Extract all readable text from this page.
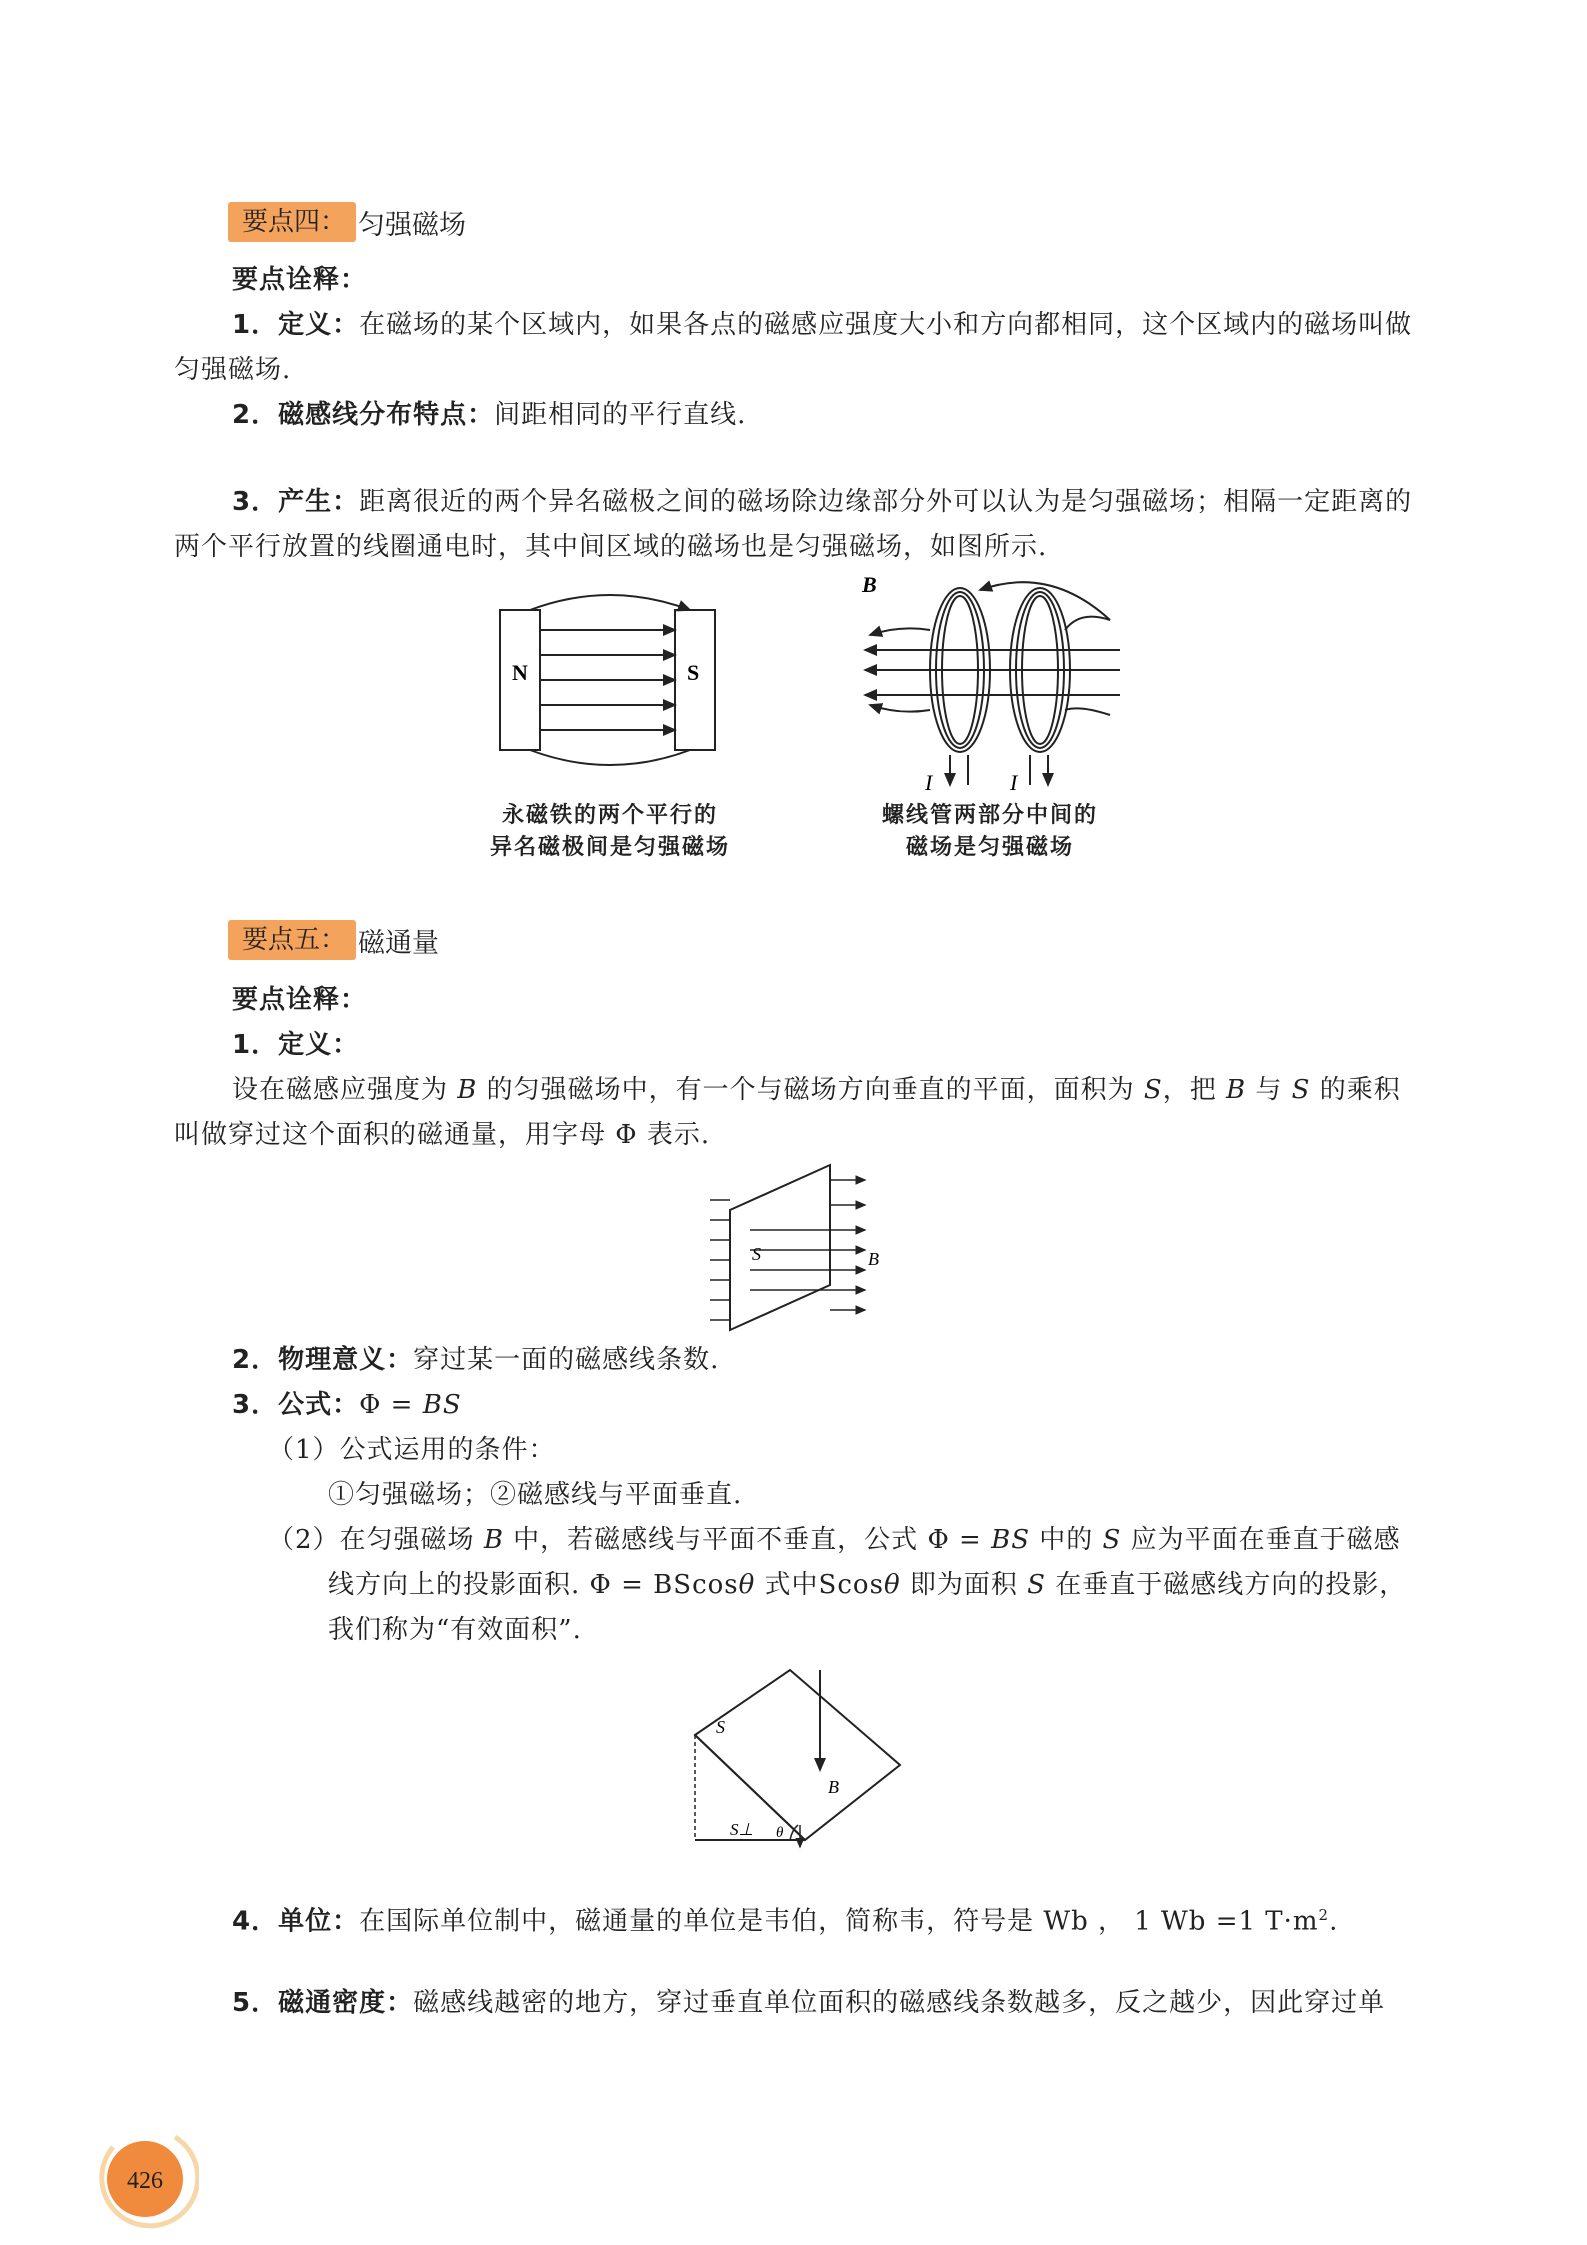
要点四： 匀强磁场
要点诠释：
1．定义：在磁场的某个区域内，如果各点的磁感应强度大小和方向都相同，这个区域内的磁场叫做匀强磁场.
2．磁感线分布特点：间距相同的平行直线.
3．产生：距离很近的两个异名磁极之间的磁场除边缘部分外可以认为是匀强磁场；相隔一定距离的两个平行放置的线圈通电时，其中间区域的磁场也是匀强磁场，如图所示.
N	S
永磁铁的两个平行的
异名磁极间是匀强磁场
B
I	I
螺线管两部分中间的
磁场是匀强磁场
要点五： 磁通量
要点诠释：
1．定义：
设在磁感应强度为 B 的匀强磁场中，有一个与磁场方向垂直的平面，面积为 S，把 B 与 S 的乘积叫做穿过这个面积的磁通量，用字母 Φ 表示.
S	B
2．物理意义：穿过某一面的磁感线条数.
3．公式：Φ = BS
（1）公式运用的条件：
①匀强磁场；②磁感线与平面垂直.
（2）在匀强磁场 B 中，若磁感线与平面不垂直，公式 Φ = BS 中的 S 应为平面在垂直于磁感线方向上的投影面积. Φ = BScosθ 式中Scosθ 即为面积 S 在垂直于磁感线方向的投影，我们称为“有效面积”.
S
B
S⊥ θ
4．单位：在国际单位制中，磁通量的单位是韦伯，简称韦，符号是 Wb ， 1 Wb =1 $T\cdot m^2$.
5．磁通密度：磁感线越密的地方，穿过垂直单位面积的磁感线条数越多，反之越少，因此穿过单
426
